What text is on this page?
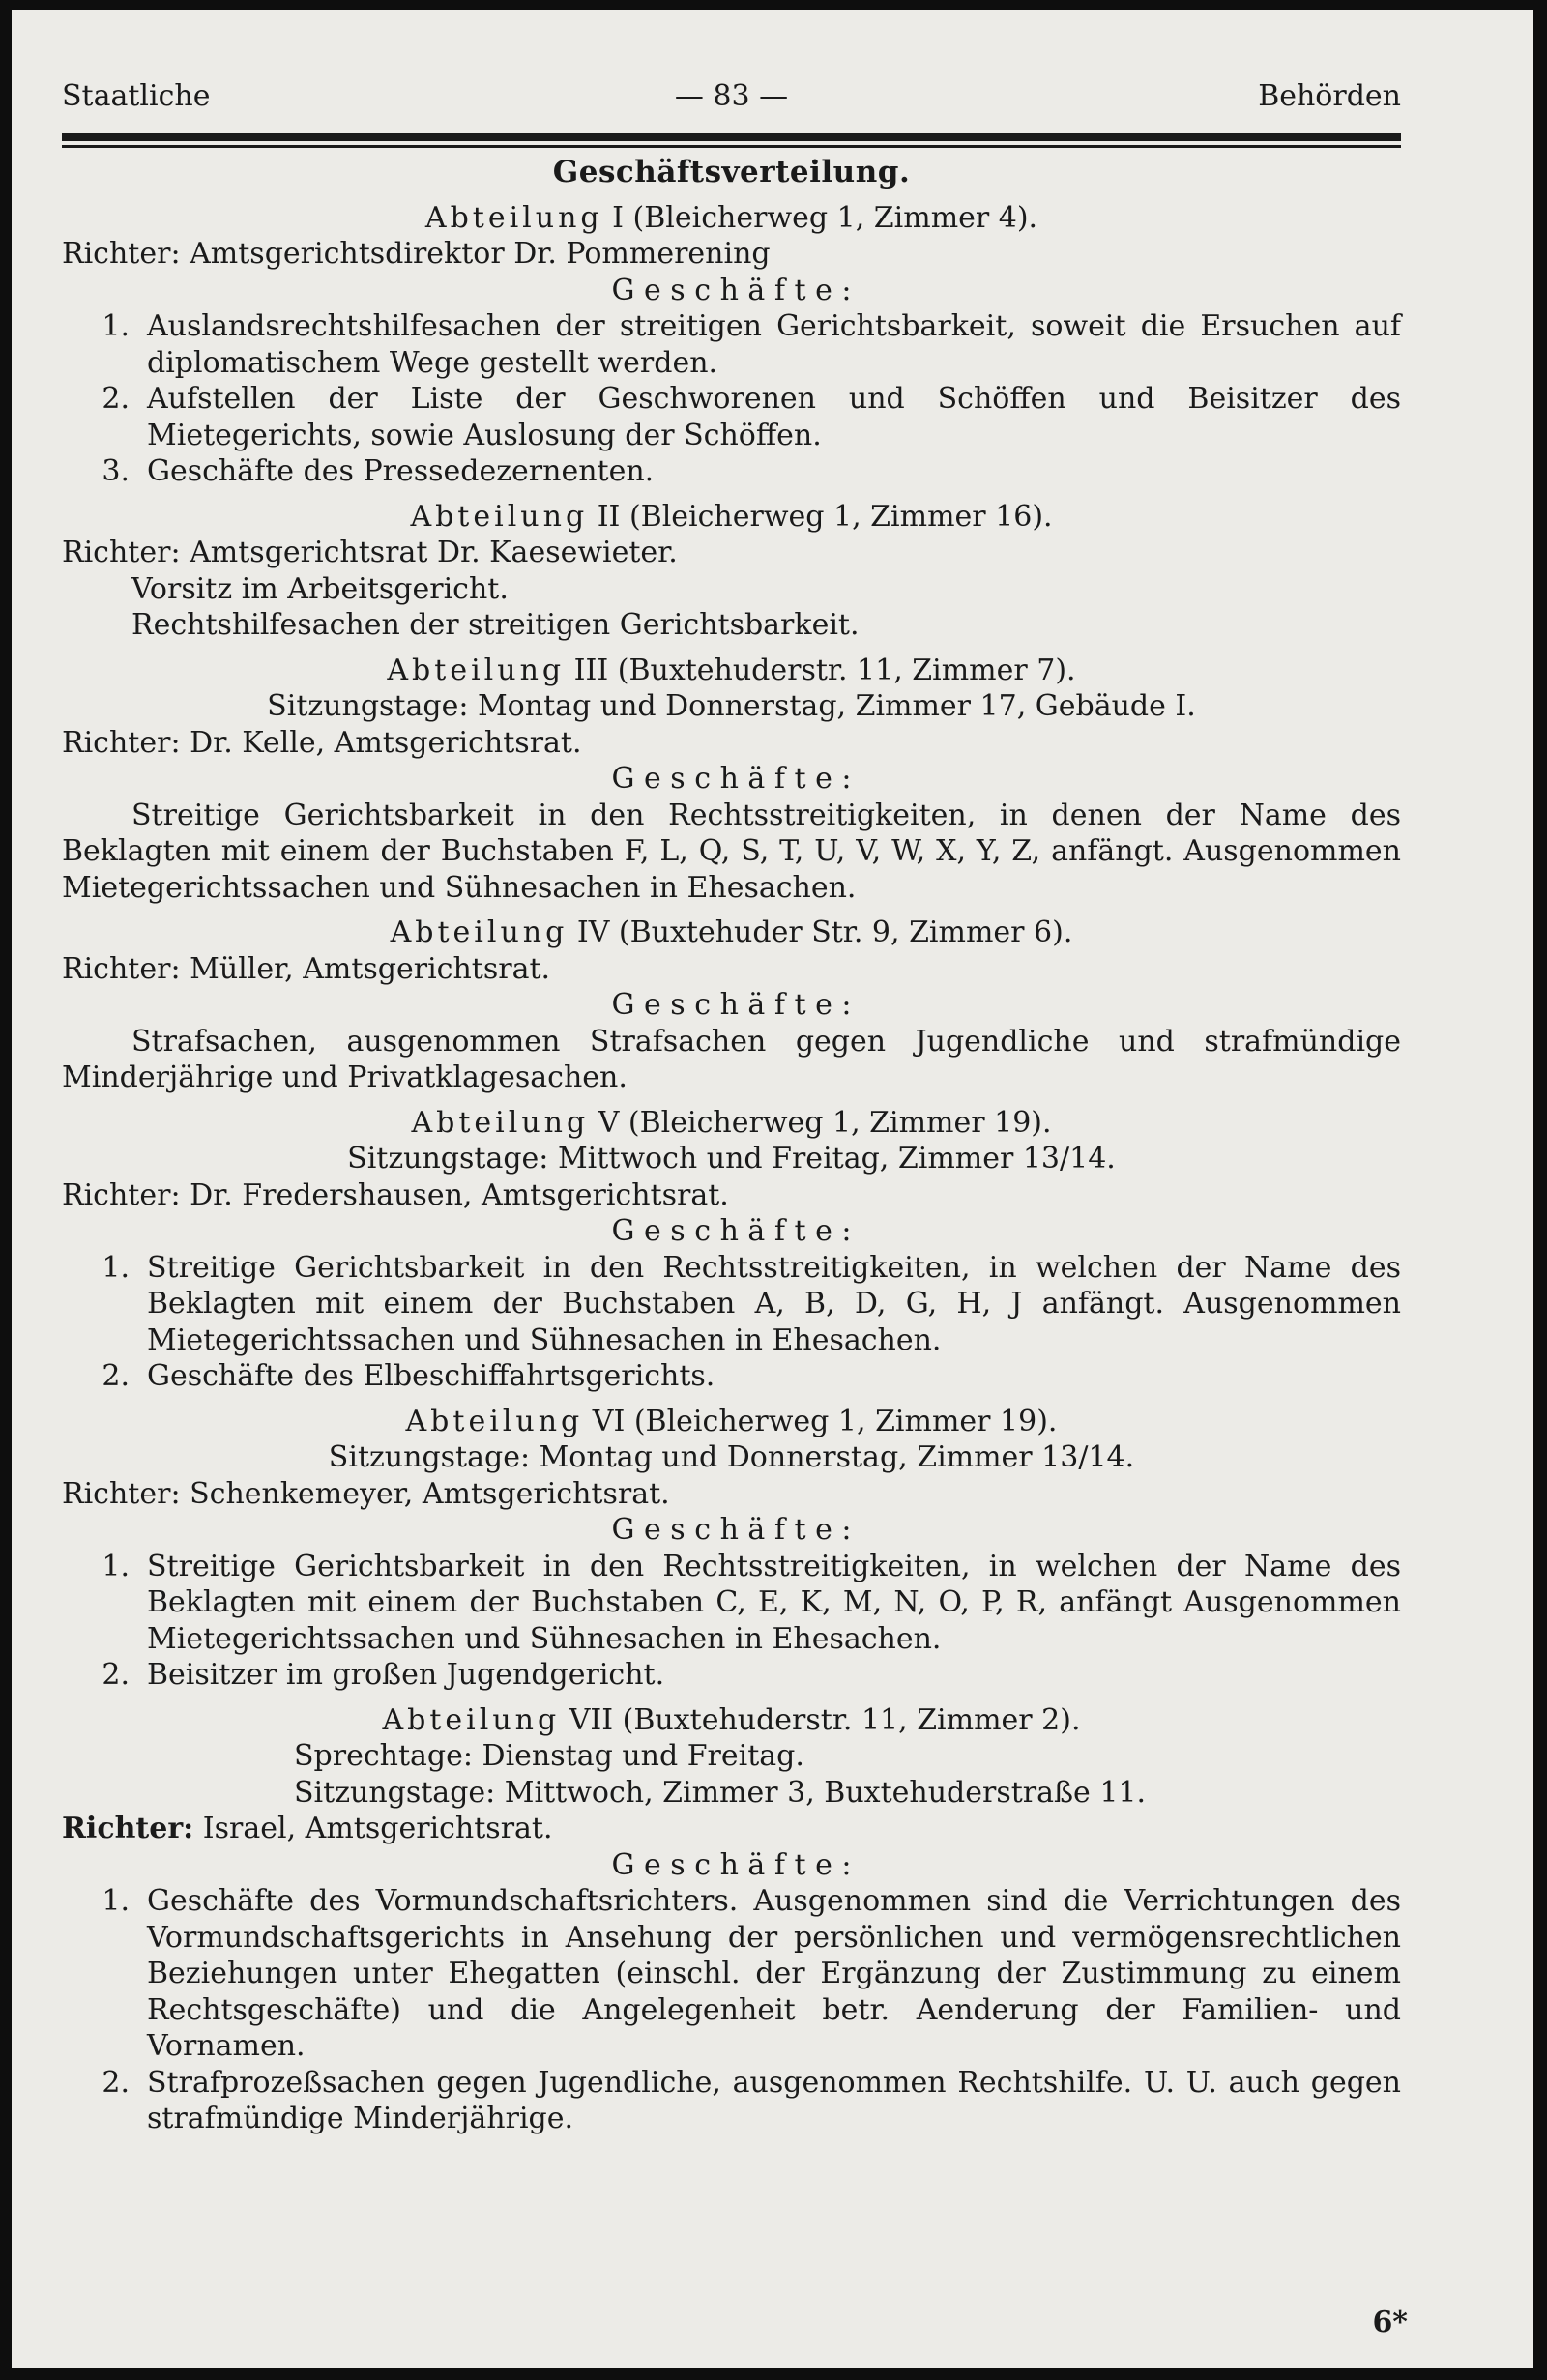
Staatliche	— 83 —	Behörden
Geschäftsverteilung.
Abteilung I (Bleicherweg 1, Zimmer 4).
Richter: Amtsgerichtsdirektor Dr. Pommerening
G e s c h ä f t e :
1. Auslandsrechtshilfesachen der streitigen Gerichtsbarkeit, soweit die Ersuchen auf diplomatischem Wege gestellt werden.
2. Aufstellen der Liste der Geschworenen und Schöffen und Beisitzer des Mietegerichts, sowie Auslosung der Schöffen.
3. Geschäfte des Pressedezernenten.
Abteilung II (Bleicherweg 1, Zimmer 16).
Richter: Amtsgerichtsrat Dr. Kaesewieter.
Vorsitz im Arbeitsgericht.
Rechtshilfesachen der streitigen Gerichtsbarkeit.
Abteilung III (Buxtehuderstr. 11, Zimmer 7).
Sitzungstage: Montag und Donnerstag, Zimmer 17, Gebäude I.
Richter: Dr. Kelle, Amtsgerichtsrat.
G e s c h ä f t e :
Streitige Gerichtsbarkeit in den Rechtsstreitigkeiten, in denen der Name des Beklagten mit einem der Buchstaben F, L, Q, S, T, U, V, W, X, Y, Z, anfängt. Ausgenommen Mietegerichtssachen und Sühnesachen in Ehesachen.
Abteilung IV (Buxtehuder Str. 9, Zimmer 6).
Richter: Müller, Amtsgerichtsrat.
G e s c h ä f t e :
Strafsachen, ausgenommen Strafsachen gegen Jugendliche und strafmündige Minderjährige und Privatklagesachen.
Abteilung V (Bleicherweg 1, Zimmer 19).
Sitzungstage: Mittwoch und Freitag, Zimmer 13/14.
Richter: Dr. Fredershausen, Amtsgerichtsrat.
G e s c h ä f t e :
1. Streitige Gerichtsbarkeit in den Rechtsstreitigkeiten, in welchen der Name des Beklagten mit einem der Buchstaben A, B, D, G, H, J anfängt. Ausgenommen Mietegerichtssachen und Sühnesachen in Ehesachen.
2. Geschäfte des Elbeschiffahrtsgerichts.
Abteilung VI (Bleicherweg 1, Zimmer 19).
Sitzungstage: Montag und Donnerstag, Zimmer 13/14.
Richter: Schenkemeyer, Amtsgerichtsrat.
G e s c h ä f t e :
1. Streitige Gerichtsbarkeit in den Rechtsstreitigkeiten, in welchen der Name des Beklagten mit einem der Buchstaben C, E, K, M, N, O, P, R, anfängt Ausgenommen Mietegerichtssachen und Sühnesachen in Ehesachen.
2. Beisitzer im großen Jugendgericht.
Abteilung VII (Buxtehuderstr. 11, Zimmer 2).
Sprechtage: Dienstag und Freitag.
Sitzungstage: Mittwoch, Zimmer 3, Buxtehuderstraße 11.
Richter: Israel, Amtsgerichtsrat.
G e s c h ä f t e :
1. Geschäfte des Vormundschaftsrichters. Ausgenommen sind die Verrichtungen des Vormundschaftsgerichts in Ansehung der persönlichen und vermögensrechtlichen Beziehungen unter Ehegatten (einschl. der Ergänzung der Zustimmung zu einem Rechtsgeschäfte) und die Angelegenheit betr. Aenderung der Familien- und Vornamen.
2. Strafprozeßsachen gegen Jugendliche, ausgenommen Rechtshilfe. U. U. auch gegen strafmündige Minderjährige.
6*
